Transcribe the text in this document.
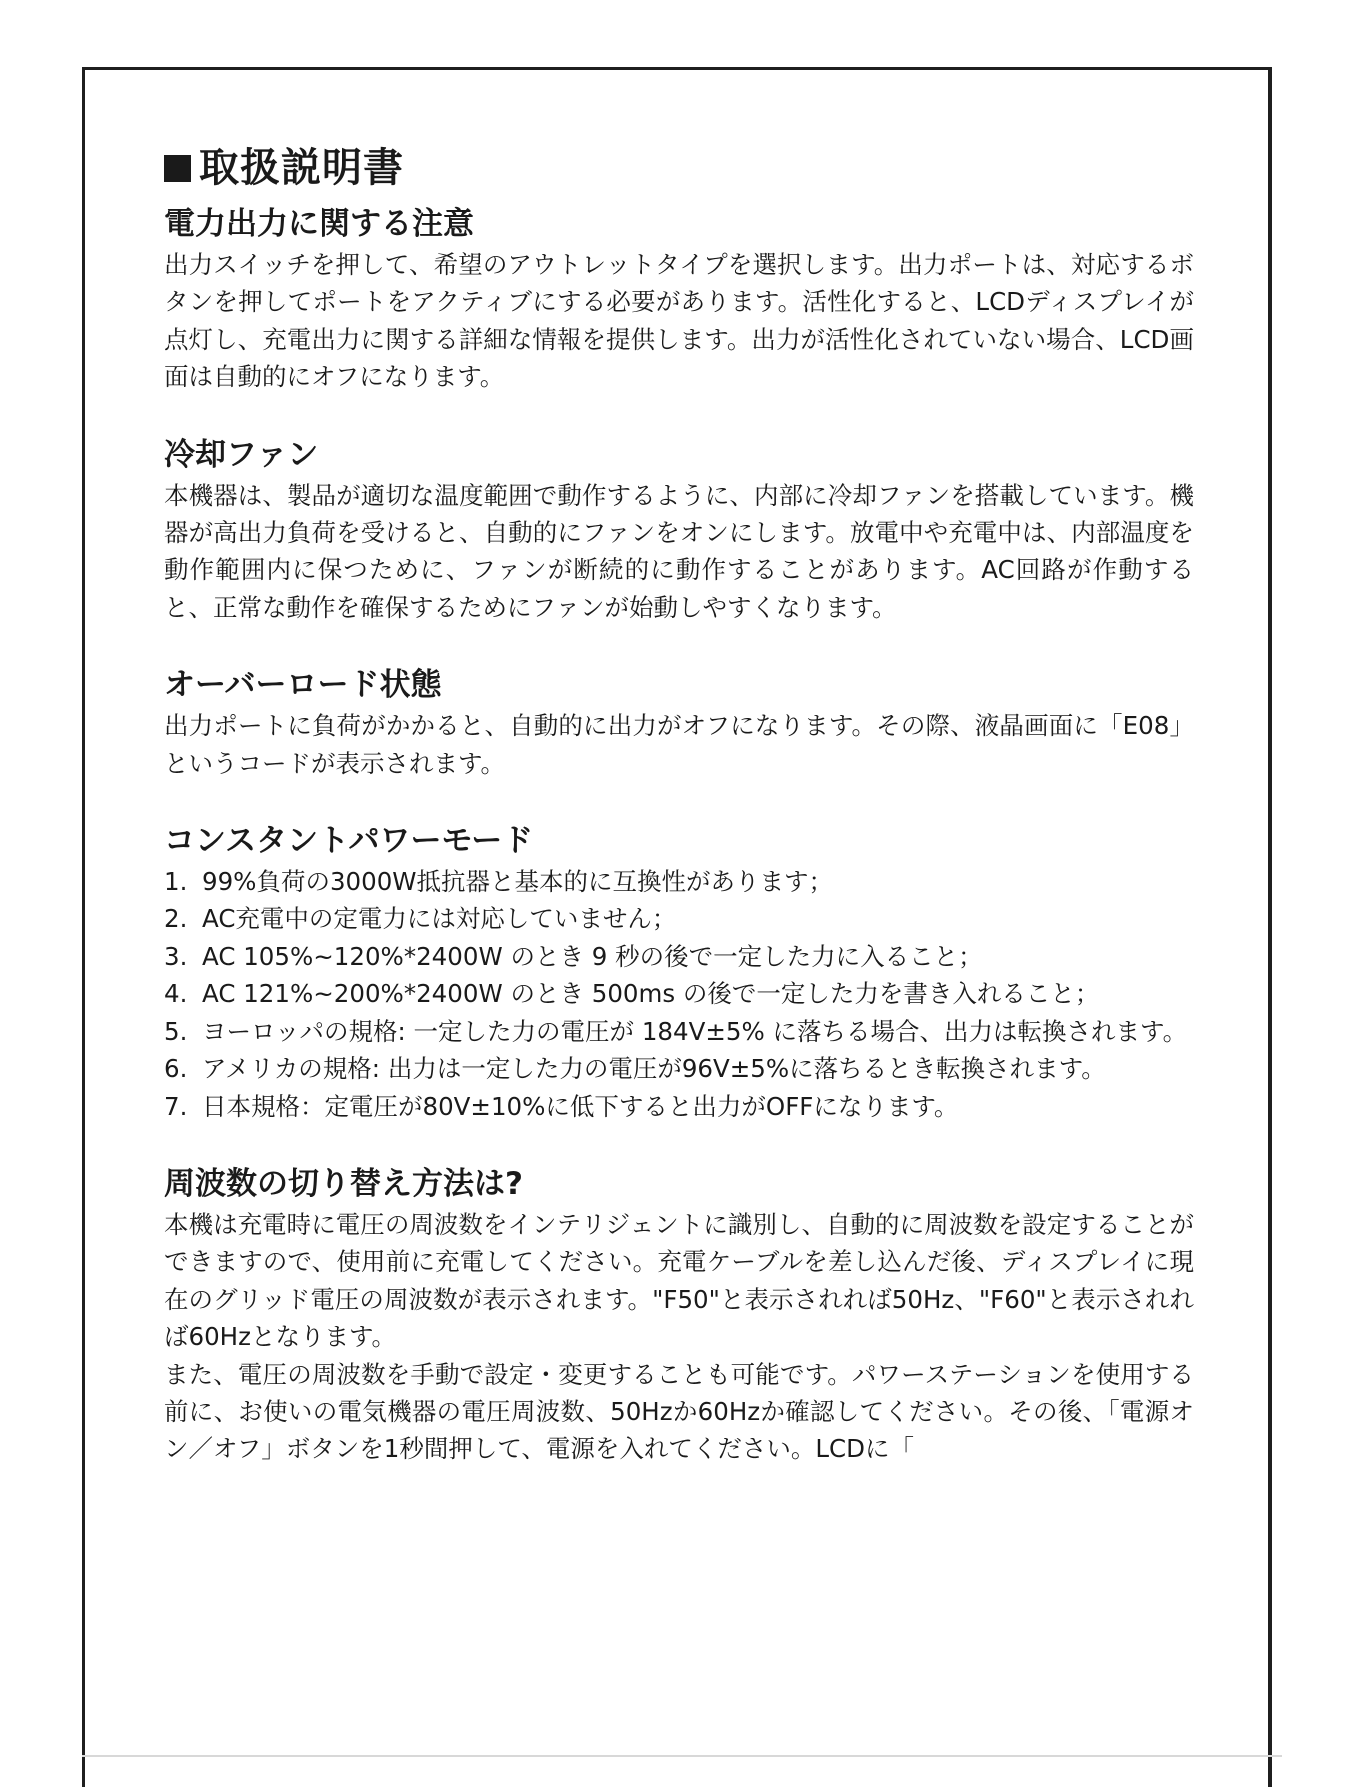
取扱説明書
電力出力に関する注意

出力スイッチを押して、希望のアウトレットタイプを選択します。出力ポートは、対応するボタンを押してポートをアクティブにする必要があります。活性化すると、LCDディスプレイが点灯し、充電出力に関する詳細な情報を提供します。出力が活性化されていない場合、LCD画面は自動的にオフになります。

冷却ファン

本機器は、製品が適切な温度範囲で動作するように、内部に冷却ファンを搭載しています。機器が高出力負荷を受けると、自動的にファンをオンにします。放電中や充電中は、内部温度を動作範囲内に保つために、ファンが断続的に動作することがあります。AC回路が作動すると、正常な動作を確保するためにファンが始動しやすくなります。

オーバーロード状態

出力ポートに負荷がかかると、自動的に出力がオフになります。その際、液晶画面に「E08」というコードが表示されます。

コンスタントパワーモード
1. 99%負荷の3000W抵抗器と基本的に互換性があります；
2. AC充電中の定電力には対応していません；
3. AC 105%~120%*2400W のとき 9 秒の後で一定した力に入ること；
4. AC 121%~200%*2400W のとき 500ms の後で一定した力を書き入れること；
5. ヨーロッパの規格: 一定した力の電圧が 184V±5% に落ちる場合、出力は転換されます。
6. アメリカの規格: 出力は一定した力の電圧が96V±5%に落ちるとき転換されます。
7. 日本規格：定電圧が80V±10%に低下すると出力がOFFになります。
周波数の切り替え方法は?

本機は充電時に電圧の周波数をインテリジェントに識別し、自動的に周波数を設定することができますので、使用前に充電してください。充電ケーブルを差し込んだ後、ディスプレイに現在のグリッド電圧の周波数が表示されます。"F50"と表示されれば50Hz、"F60"と表示されれば60Hzとなります。

また、電圧の周波数を手動で設定・変更することも可能です。パワーステーションを使用する前に、お使いの電気機器の電圧周波数、50Hzか60Hzか確認してください。その後、「電源オン／オフ」ボタンを1秒間押して、電源を入れてください。LCDに「
